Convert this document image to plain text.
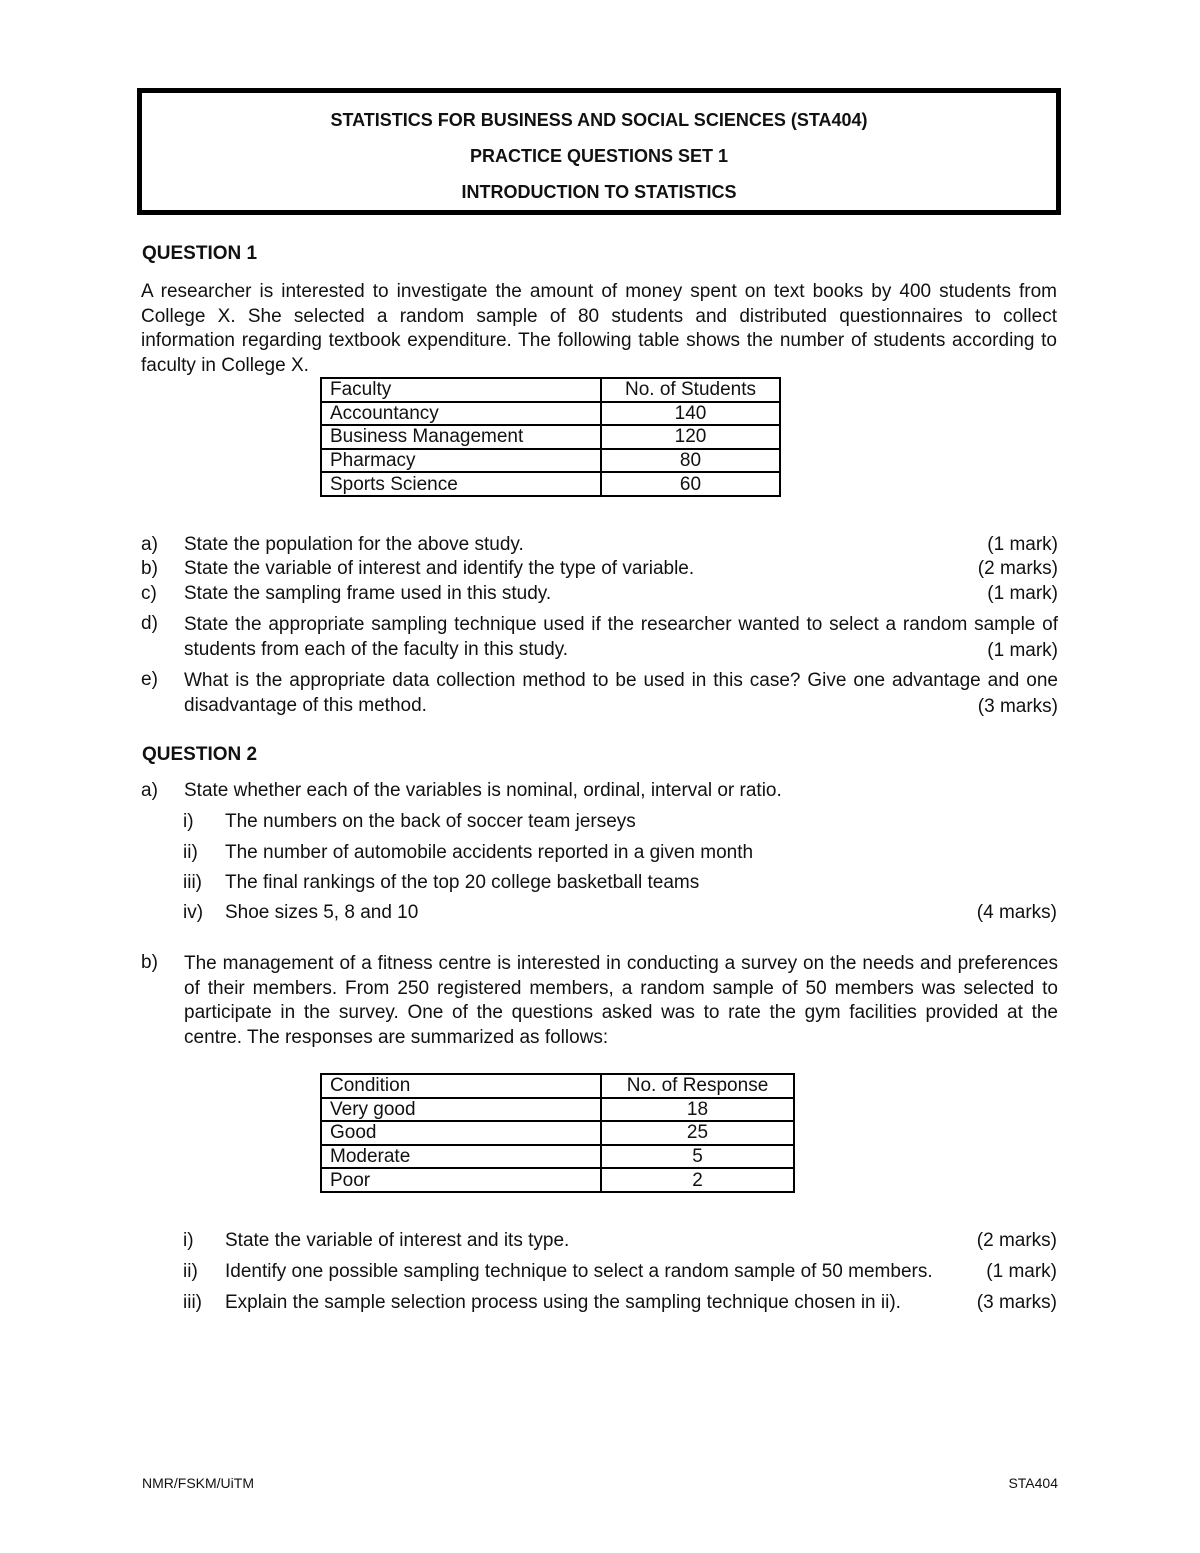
STATISTICS FOR BUSINESS AND SOCIAL SCIENCES (STA404)
PRACTICE QUESTIONS SET 1
INTRODUCTION TO STATISTICS
QUESTION 1
A researcher is interested to investigate the amount of money spent on text books by 400 students from College X. She selected a random sample of 80 students and distributed questionnaires to collect information regarding textbook expenditure. The following table shows the number of students according to faculty in College X.
Faculty	No. of Students
Accountancy	140
Business Management	120
Pharmacy	80
Sports Science	60
a) State the population for the above study.	(1 mark)
b) State the variable of interest and identify the type of variable.	(2 marks)
c) State the sampling frame used in this study.	(1 mark)
d) State the appropriate sampling technique used if the researcher wanted to select a random sample of students from each of the faculty in this study.	(1 mark)
e) What is the appropriate data collection method to be used in this case? Give one advantage and one disadvantage of this method.	(3 marks)
QUESTION 2
a) State whether each of the variables is nominal, ordinal, interval or ratio.
i) The numbers on the back of soccer team jerseys
ii) The number of automobile accidents reported in a given month
iii) The final rankings of the top 20 college basketball teams
iv) Shoe sizes 5, 8 and 10	(4 marks)
b) The management of a fitness centre is interested in conducting a survey on the needs and preferences of their members. From 250 registered members, a random sample of 50 members was selected to participate in the survey. One of the questions asked was to rate the gym facilities provided at the centre. The responses are summarized as follows:
Condition	No. of Response
Very good	18
Good	25
Moderate	5
Poor	2
i) State the variable of interest and its type.	(2 marks)
ii) Identify one possible sampling technique to select a random sample of 50 members.	(1 mark)
iii) Explain the sample selection process using the sampling technique chosen in ii).	(3 marks)
NMR/FSKM/UiTM	STA404
